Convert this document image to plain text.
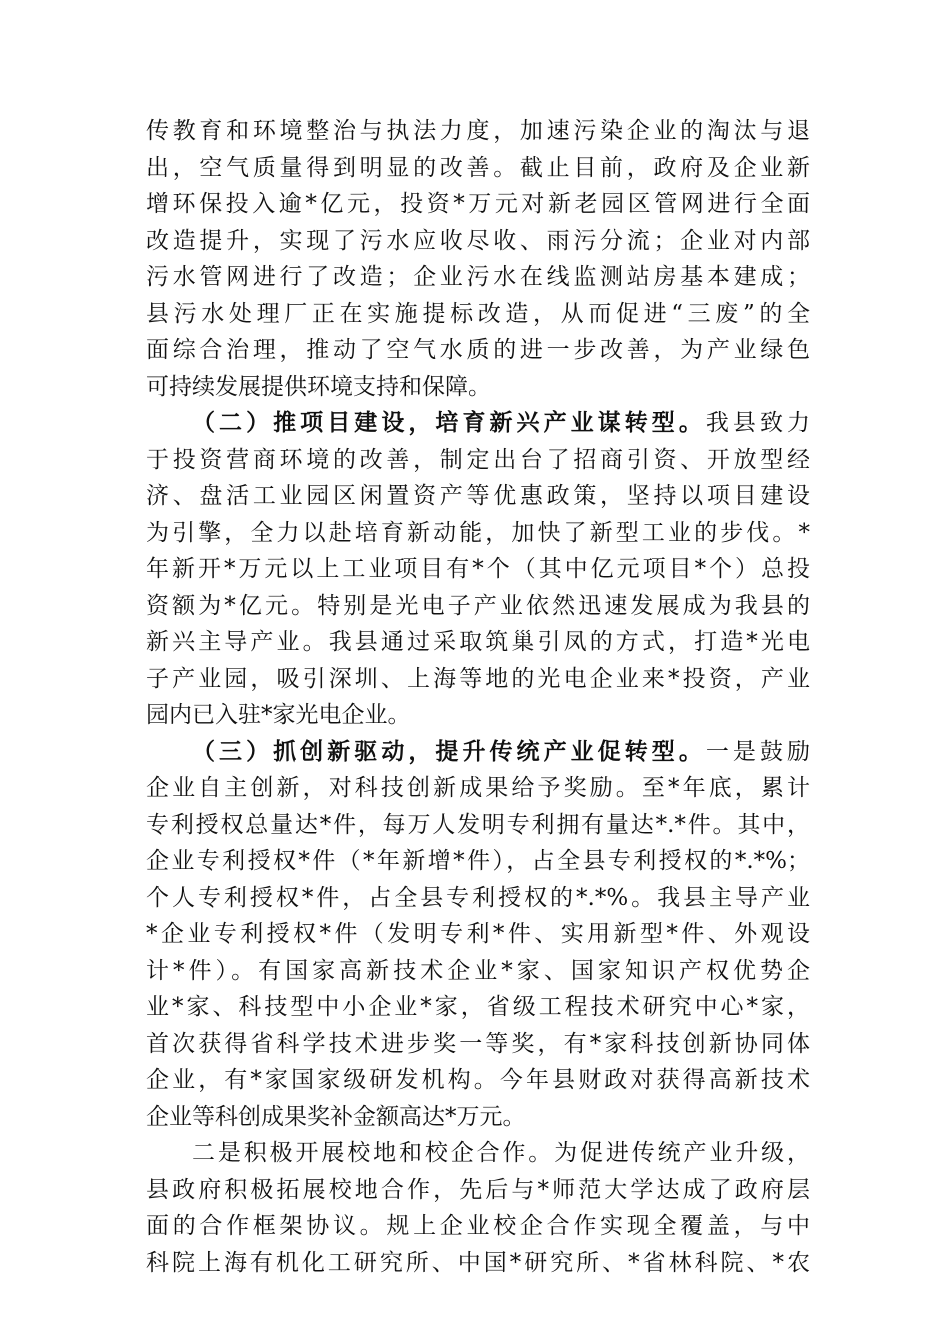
传教育和环境整治与执法力度，加速污染企业的淘汰与退
出，空气质量得到明显的改善。截止目前，政府及企业新
增环保投入逾*亿元，投资*万元对新老园区管网进行全面
改造提升，实现了污水应收尽收、雨污分流；企业对内部
污水管网进行了改造；企业污水在线监测站房基本建成；
县污水处理厂正在实施提标改造，从而促进“三废”的全
面综合治理，推动了空气水质的进一步改善，为产业绿色
可持续发展提供环境支持和保障。
（二）推项目建设，培育新兴产业谋转型。我县致力
于投资营商环境的改善，制定出台了招商引资、开放型经
济、盘活工业园区闲置资产等优惠政策，坚持以项目建设
为引擎，全力以赴培育新动能，加快了新型工业的步伐。*
年新开*万元以上工业项目有*个（其中亿元项目*个）总投
资额为*亿元。特别是光电子产业依然迅速发展成为我县的
新兴主导产业。我县通过采取筑巢引凤的方式，打造*光电
子产业园，吸引深圳、上海等地的光电企业来*投资，产业
园内已入驻*家光电企业。
（三）抓创新驱动，提升传统产业促转型。一是鼓励
企业自主创新，对科技创新成果给予奖励。至*年底，累计
专利授权总量达*件，每万人发明专利拥有量达*.*件。其中，
企业专利授权*件（*年新增*件），占全县专利授权的*.*%；
个人专利授权*件，占全县专利授权的*.*%。我县主导产业
*企业专利授权*件（发明专利*件、实用新型*件、外观设
计*件）。有国家高新技术企业*家、国家知识产权优势企
业*家、科技型中小企业*家，省级工程技术研究中心*家，
首次获得省科学技术进步奖一等奖，有*家科技创新协同体
企业，有*家国家级研发机构。今年县财政对获得高新技术
企业等科创成果奖补金额高达*万元。
二是积极开展校地和校企合作。为促进传统产业升级，
县政府积极拓展校地合作，先后与*师范大学达成了政府层
面的合作框架协议。规上企业校企合作实现全覆盖，与中
科院上海有机化工研究所、中国*研究所、*省林科院、*农
